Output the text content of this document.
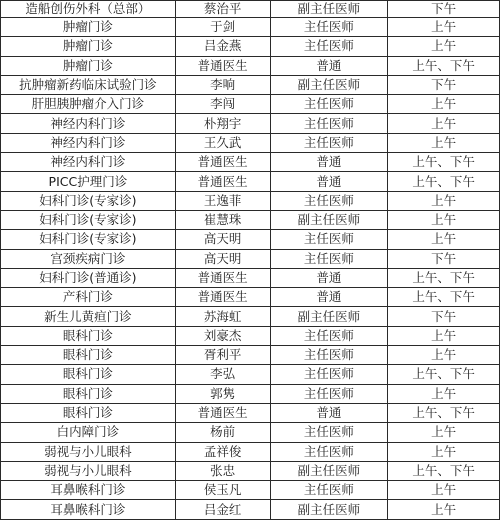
造船创伤外科（总部）	蔡治平	副主任医师	下午
肿瘤门诊	于剑	主任医师	上午
肿瘤门诊	吕金燕	主任医师	上午
肿瘤门诊	普通医生	普通	上午、下午
抗肿瘤新药临床试验门诊	李响	副主任医师	下午
肝胆胰肿瘤介入门诊	李闯	主任医师	上午
神经内科门诊	朴翔宇	主任医师	上午
神经内科门诊	王久武	主任医师	上午
神经内科门诊	普通医生	普通	上午、下午
PICC护理门诊	普通医生	普通	上午、下午
妇科门诊(专家诊)	王逸菲	主任医师	上午
妇科门诊(专家诊)	崔慧珠	副主任医师	上午
妇科门诊(专家诊)	高天明	主任医师	上午
宫颈疾病门诊	高天明	主任医师	下午
妇科门诊(普通诊)	普通医生	普通	上午、下午
产科门诊	普通医生	普通	上午、下午
新生儿黄疸门诊	苏海虹	副主任医师	下午
眼科门诊	刘豪杰	主任医师	上午
眼科门诊	胥利平	主任医师	上午
眼科门诊	李弘	主任医师	上午、下午
眼科门诊	郭隽	主任医师	上午
眼科门诊	普通医生	普通	上午、下午
白内障门诊	杨前	主任医师	上午
弱视与小儿眼科	孟祥俊	主任医师	上午
弱视与小儿眼科	张忠	副主任医师	上午、下午
耳鼻喉科门诊	侯玉凡	主任医师	上午
耳鼻喉科门诊	吕金红	副主任医师	上午
